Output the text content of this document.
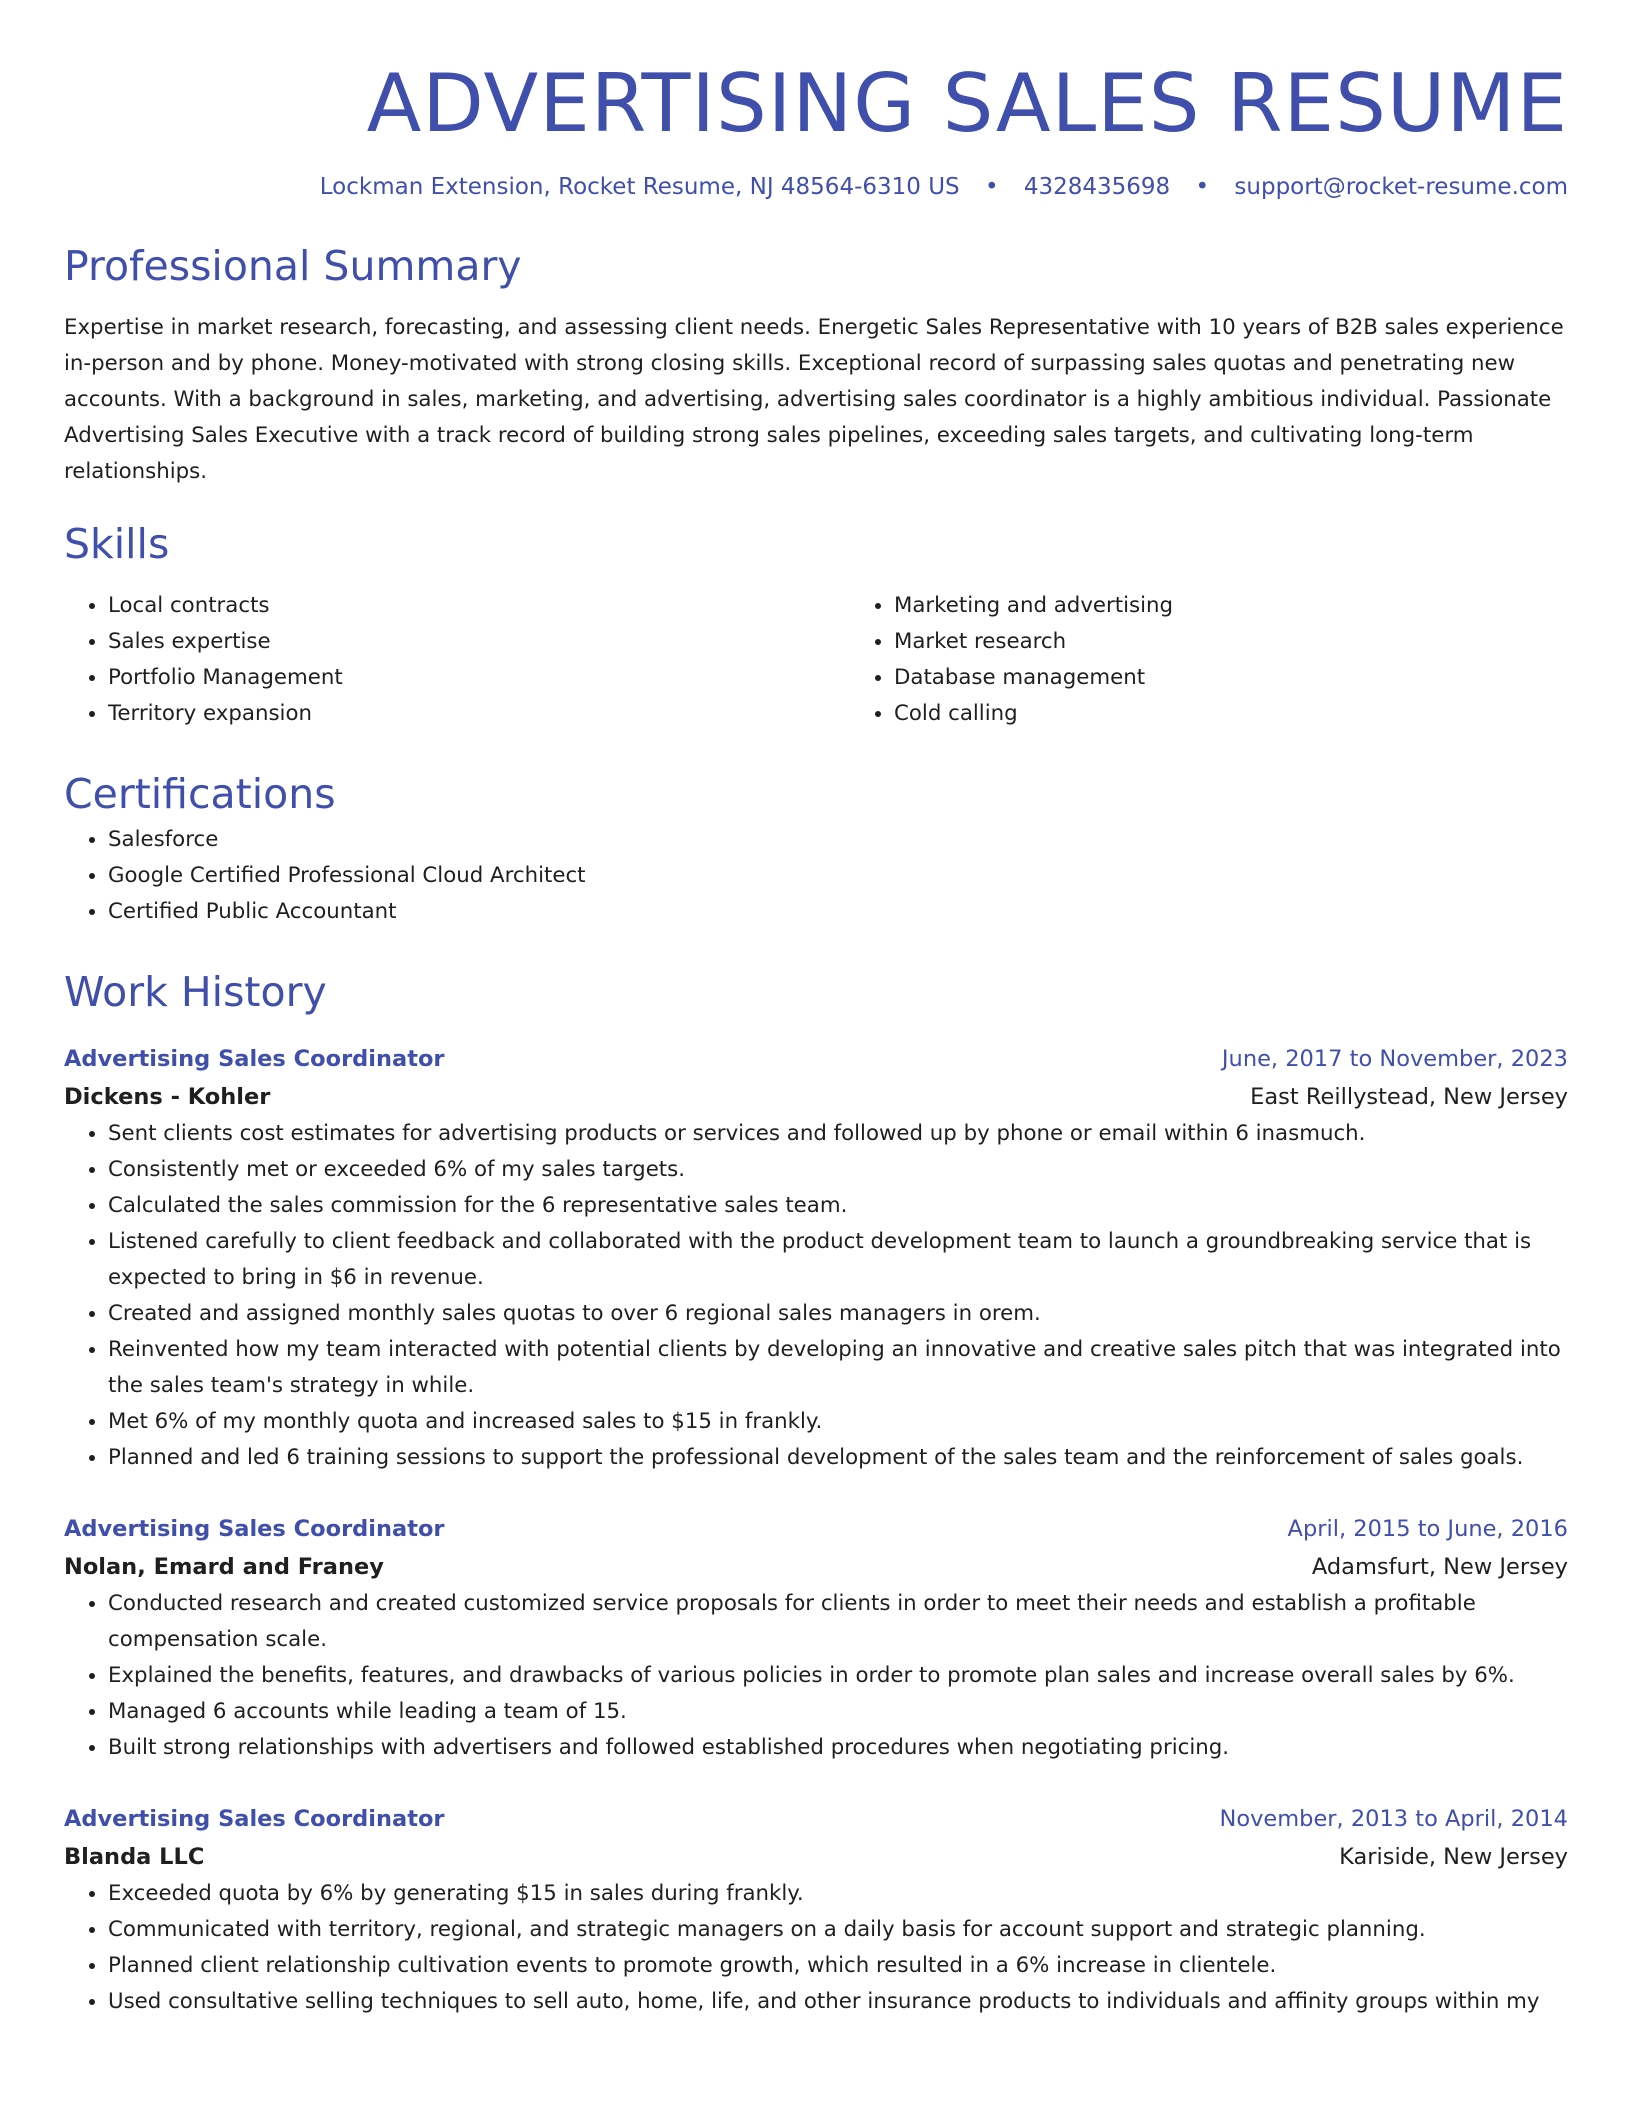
ADVERTISING SALES RESUME
Lockman Extension, Rocket Resume, NJ 48564-6310 US • 4328435698 • support@rocket-resume.com
Professional Summary

Expertise in market research, forecasting, and assessing client needs. Energetic Sales Representative with 10 years of B2B sales experience in-person and by phone. Money-motivated with strong closing skills. Exceptional record of surpassing sales quotas and penetrating new accounts. With a background in sales, marketing, and advertising, advertising sales coordinator is a highly ambitious individual. Passionate Advertising Sales Executive with a track record of building strong sales pipelines, exceeding sales targets, and cultivating long-term relationships.

Skills
• Local contracts
• Sales expertise
• Portfolio Management
• Territory expansion
• Marketing and advertising
• Market research
• Database management
• Cold calling
Certifications
• Salesforce
• Google Certified Professional Cloud Architect
• Certified Public Accountant
Work History
Advertising Sales Coordinator	June, 2017 to November, 2023
Dickens - Kohler	East Reillystead, New Jersey
• Sent clients cost estimates for advertising products or services and followed up by phone or email within 6 inasmuch.
• Consistently met or exceeded 6% of my sales targets.
• Calculated the sales commission for the 6 representative sales team.
• Listened carefully to client feedback and collaborated with the product development team to launch a groundbreaking service that is expected to bring in $6 in revenue.
• Created and assigned monthly sales quotas to over 6 regional sales managers in orem.
• Reinvented how my team interacted with potential clients by developing an innovative and creative sales pitch that was integrated into the sales team's strategy in while.
• Met 6% of my monthly quota and increased sales to $15 in frankly.
• Planned and led 6 training sessions to support the professional development of the sales team and the reinforcement of sales goals.
Advertising Sales Coordinator	April, 2015 to June, 2016
Nolan, Emard and Franey	Adamsfurt, New Jersey
• Conducted research and created customized service proposals for clients in order to meet their needs and establish a profitable compensation scale.
• Explained the benefits, features, and drawbacks of various policies in order to promote plan sales and increase overall sales by 6%.
• Managed 6 accounts while leading a team of 15.
• Built strong relationships with advertisers and followed established procedures when negotiating pricing.
Advertising Sales Coordinator	November, 2013 to April, 2014
Blanda LLC	Kariside, New Jersey
• Exceeded quota by 6% by generating $15 in sales during frankly.
• Communicated with territory, regional, and strategic managers on a daily basis for account support and strategic planning.
• Planned client relationship cultivation events to promote growth, which resulted in a 6% increase in clientele.
• Used consultative selling techniques to sell auto, home, life, and other insurance products to individuals and affinity groups within my
